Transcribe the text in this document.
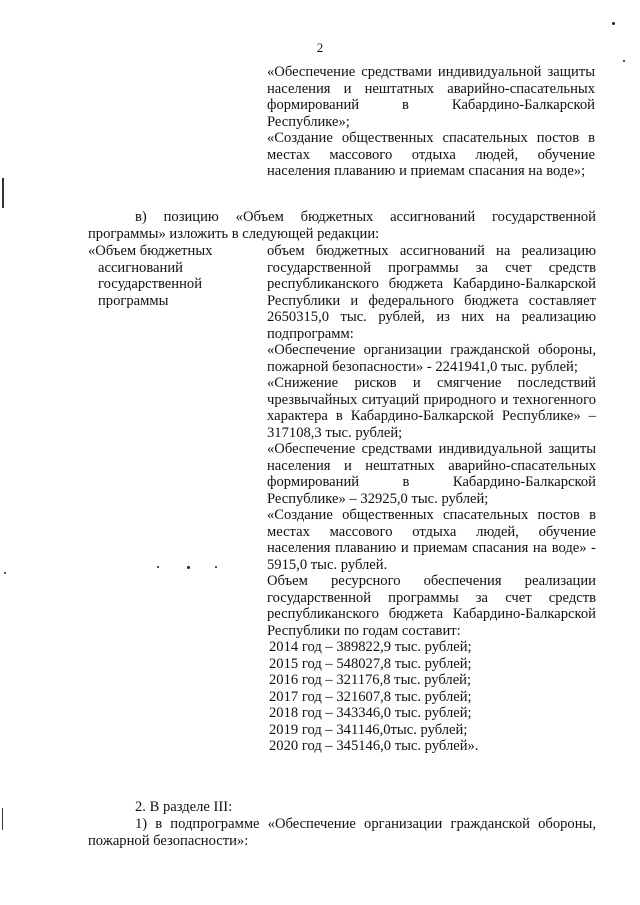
2

«Обеспечение средствами индивидуальной защиты населения и нештатных аварийно-спасательных формирований в Кабардино-Балкарской Республике»;

«Создание общественных спасательных постов в местах массового отдыха людей, обучение населения плаванию и приемам спасания на воде»;

в) позицию «Объем бюджетных ассигнований государственной программы» изложить в следующей редакции:
«Объем бюджетных
ассигнований
государственной
программы

объем бюджетных ассигнований на реализацию государственной программы за счет средств республиканского бюджета Кабардино-Балкарской Республики и федерального бюджета составляет 2650315,0 тыс. рублей, из них на реализацию подпрограмм:

«Обеспечение организации гражданской обороны, пожарной безопасности» - 2241941,0 тыс. рублей;

«Снижение рисков и смягчение последствий чрезвычайных ситуаций природного и техногенного характера в Кабардино-Балкарской Республике» – 317108,3 тыс. рублей;

«Обеспечение средствами индивидуальной защиты населения и нештатных аварийно-спасательных формирований в Кабардино-Балкарской Республике» – 32925,0 тыс. рублей;

«Создание общественных спасательных постов в местах массового отдыха людей, обучение населения плаванию и приемам спасания на воде» - 5915,0 тыс. рублей.

Объем ресурсного обеспечения реализации государственной программы за счет средств республиканского бюджета Кабардино-Балкарской Республики по годам составит:

2014 год – 389822,9 тыс. рублей;

2015 год – 548027,8 тыс. рублей;

2016 год – 321176,8 тыс. рублей;

2017 год – 321607,8 тыс. рублей;

2018 год – 343346,0 тыс. рублей;

2019 год – 341146,0тыс. рублей;

2020 год – 345146,0 тыс. рублей».

2. В разделе III:
1) в подпрограмме «Обеспечение организации гражданской обороны, пожарной безопасности»:
